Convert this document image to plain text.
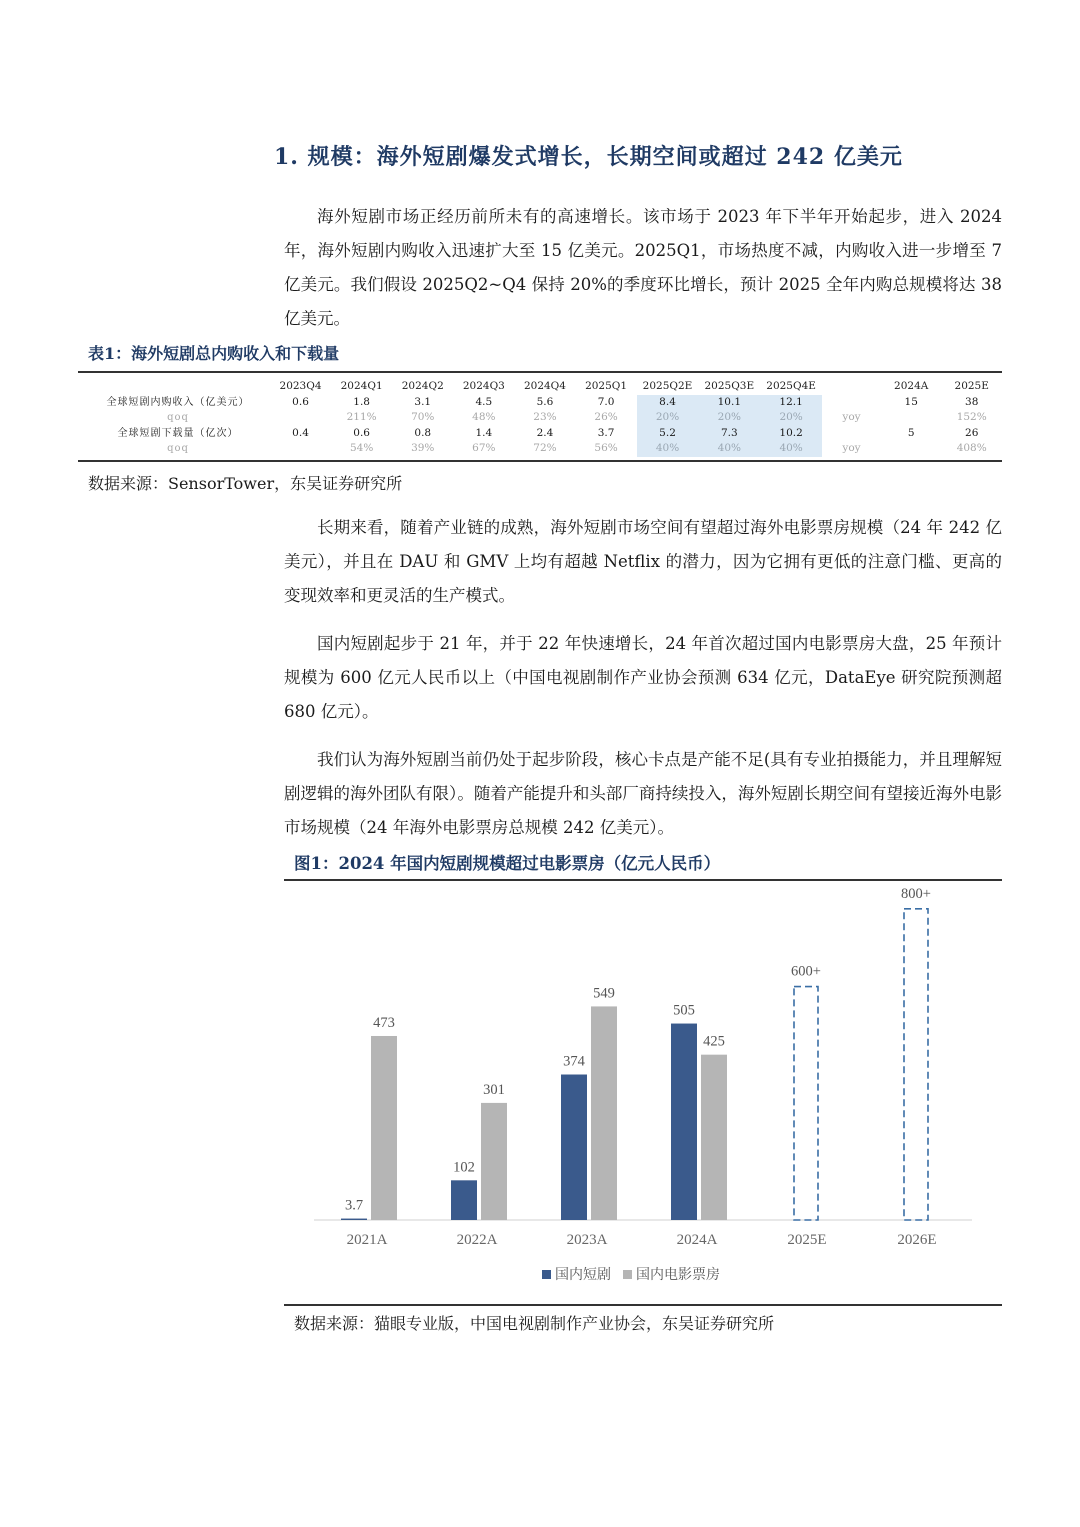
1. 规模：海外短剧爆发式增长，长期空间或超过 242 亿美元

海外短剧市场正经历前所未有的高速增长。该市场于 2023 年下半年开始起步，进入 2024 年，海外短剧内购收入迅速扩大至 15 亿美元。2025Q1，市场热度不减，内购收入进一步增至 7 亿美元。我们假设 2025Q2~Q4 保持 20%的季度环比增长，预计 2025 全年内购总规模将达 38 亿美元。

表1：海外短剧总内购收入和下载量
	2023Q4	2024Q1	2024Q2	2024Q3	2024Q4	2025Q1	2025Q2E	2025Q3E	2025Q4E		2024A	2025E
全球短剧内购收入（亿美元）	0.6	1.8	3.1	4.5	5.6	7.0	8.4	10.1	12.1		15	38
qoq		211%	70%	48%	23%	26%	20%	20%	20%	yoy		152%
全球短剧下载量（亿次）	0.4	0.6	0.8	1.4	2.4	3.7	5.2	7.3	10.2		5	26
qoq		54%	39%	67%	72%	56%	40%	40%	40%	yoy		408%
数据来源：SensorTower，东吴证券研究所

长期来看，随着产业链的成熟，海外短剧市场空间有望超过海外电影票房规模（24 年 242 亿美元），并且在 DAU 和 GMV 上均有超越 Netflix 的潜力，因为它拥有更低的注意门槛、更高的变现效率和更灵活的生产模式。

国内短剧起步于 21 年，并于 22 年快速增长，24 年首次超过国内电影票房大盘，25 年预计规模为 600 亿元人民币以上（中国电视剧制作产业协会预测 634 亿元，DataEye 研究院预测超 680 亿元）。

我们认为海外短剧当前仍处于起步阶段，核心卡点是产能不足(具有专业拍摄能力，并且理解短剧逻辑的海外团队有限）。随着产能提升和头部厂商持续投入，海外短剧长期空间有望接近海外电影市场规模（24 年海外电影票房总规模 242 亿美元）。

图1：2024 年国内短剧规模超过电影票房（亿元人民币）
3.7
473
2021A
102
301
2022A
374
549
2023A
505
425
2024A
600+
2025E
800+
2026E
国内短剧 国内电影票房
数据来源：猫眼专业版，中国电视剧制作产业协会，东吴证券研究所
